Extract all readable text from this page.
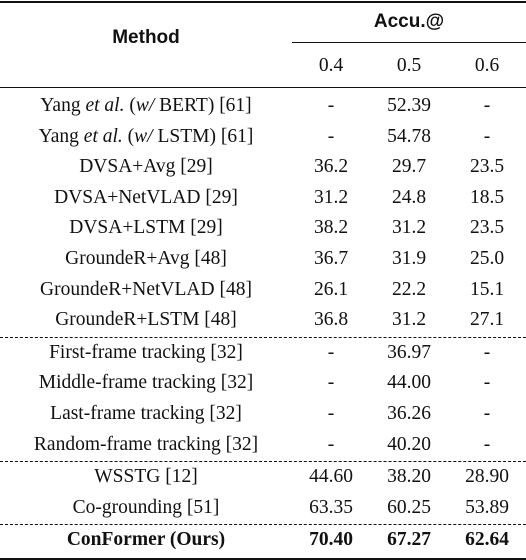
Method
Accu.@
0.4	0.5	0.6
Yang et al. (w/ BERT) [61]	-	52.39	-
Yang et al. (w/ LSTM) [61]	-	54.78	-
DVSA+Avg [29]	36.2	29.7	23.5
DVSA+NetVLAD [29]	31.2	24.8	18.5
DVSA+LSTM [29]	38.2	31.2	23.5
GroundeR+Avg [48]	36.7	31.9	25.0
GroundeR+NetVLAD [48]	26.1	22.2	15.1
GroundeR+LSTM [48]	36.8	31.2	27.1
First-frame tracking [32]	-	36.97	-
Middle-frame tracking [32]	-	44.00	-
Last-frame tracking [32]	-	36.26	-
Random-frame tracking [32]	-	40.20	-
WSSTG [12]	44.60	38.20	28.90
Co-grounding [51]	63.35	60.25	53.89
ConFormer (Ours)	70.40	67.27	62.64
